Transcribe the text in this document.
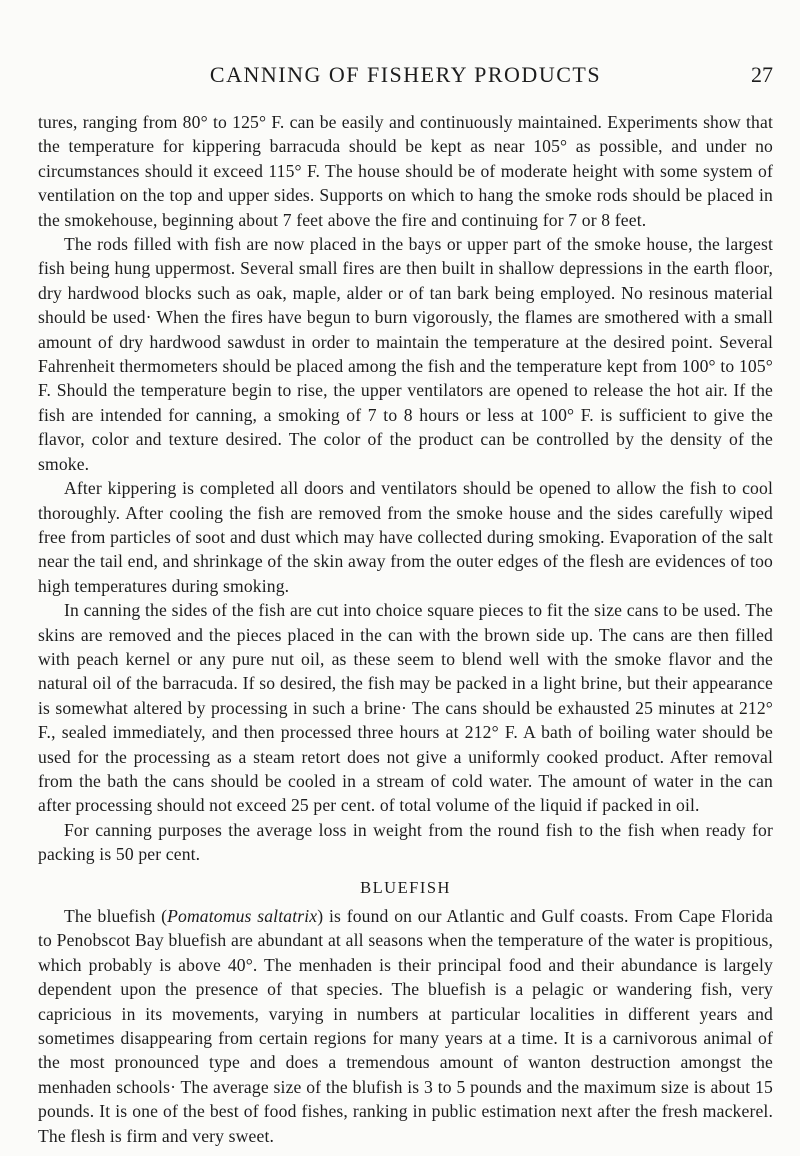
CANNING OF FISHERY PRODUCTS	27

tures, ranging from 80° to 125° F. can be easily and continuously maintained. Experiments show that the temperature for kippering barracuda should be kept as near 105° as possible, and under no circumstances should it exceed 115° F. The house should be of moderate height with some system of ventilation on the top and upper sides. Supports on which to hang the smoke rods should be placed in the smokehouse, beginning about 7 feet above the fire and continuing for 7 or 8 feet.

The rods filled with fish are now placed in the bays or upper part of the smoke house, the largest fish being hung uppermost. Several small fires are then built in shallow depressions in the earth floor, dry hardwood blocks such as oak, maple, alder or of tan bark being employed. No resinous material should be used· When the fires have begun to burn vigorously, the flames are smothered with a small amount of dry hardwood sawdust in order to maintain the temperature at the desired point. Several Fahrenheit thermometers should be placed among the fish and the temperature kept from 100° to 105° F. Should the temperature begin to rise, the upper ventilators are opened to release the hot air. If the fish are intended for canning, a smoking of 7 to 8 hours or less at 100° F. is sufficient to give the flavor, color and texture desired. The color of the product can be controlled by the density of the smoke.

After kippering is completed all doors and ventilators should be opened to allow the fish to cool thoroughly. After cooling the fish are removed from the smoke house and the sides carefully wiped free from particles of soot and dust which may have collected during smoking. Evaporation of the salt near the tail end, and shrinkage of the skin away from the outer edges of the flesh are evidences of too high temperatures during smoking.

In canning the sides of the fish are cut into choice square pieces to fit the size cans to be used. The skins are removed and the pieces placed in the can with the brown side up. The cans are then filled with peach kernel or any pure nut oil, as these seem to blend well with the smoke flavor and the natural oil of the barracuda. If so desired, the fish may be packed in a light brine, but their appearance is somewhat altered by processing in such a brine· The cans should be exhausted 25 minutes at 212° F., sealed immediately, and then processed three hours at 212° F. A bath of boiling water should be used for the processing as a steam retort does not give a uniformly cooked product. After removal from the bath the cans should be cooled in a stream of cold water. The amount of water in the can after processing should not exceed 25 per cent. of total volume of the liquid if packed in oil.

For canning purposes the average loss in weight from the round fish to the fish when ready for packing is 50 per cent.

BLUEFISH

The bluefish (Pomatomus saltatrix) is found on our Atlantic and Gulf coasts. From Cape Florida to Penobscot Bay bluefish are abundant at all seasons when the temperature of the water is propitious, which probably is above 40°. The menhaden is their principal food and their abundance is largely dependent upon the presence of that species. The bluefish is a pelagic or wandering fish, very capricious in its movements, varying in numbers at particular localities in different years and sometimes disappearing from certain regions for many years at a time. It is a carnivorous animal of the most pronounced type and does a tremendous amount of wanton destruction amongst the menhaden schools· The average size of the blufish is 3 to 5 pounds and the maximum size is about 15 pounds. It is one of the best of food fishes, ranking in public estimation next after the fresh mackerel. The flesh is firm and very sweet.
